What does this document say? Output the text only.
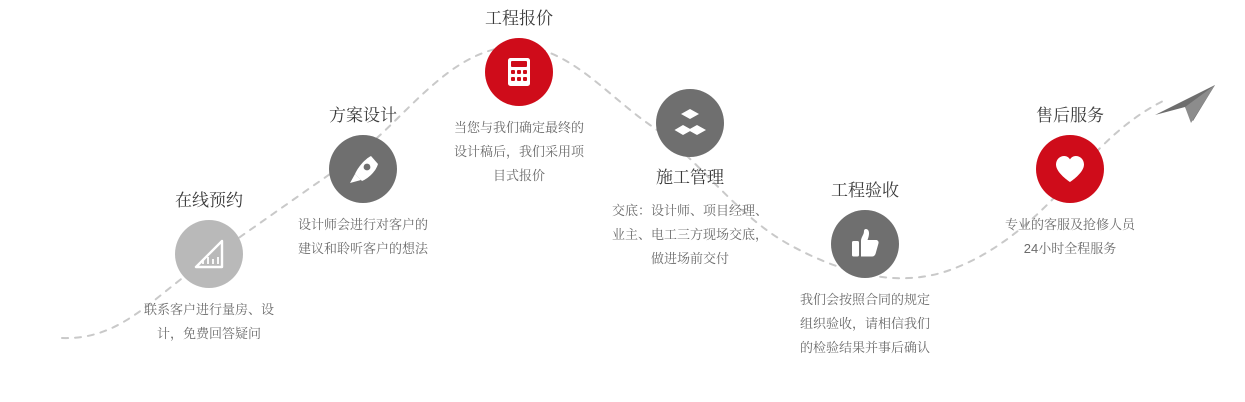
在线预约
联系客户进行量房、设计，免费回答疑问
方案设计
设计师会进行对客户的建议和聆听客户的想法
工程报价
当您与我们确定最终的设计稿后，我们采用项目式报价	施工管理
交底：设计师、项目经理、业主、电工三方现场交底，做进场前交付
工程验收
我们会按照合同的规定组织验收，请相信我们的检验结果并事后确认
售后服务
专业的客服及抢修人员24小时全程服务
